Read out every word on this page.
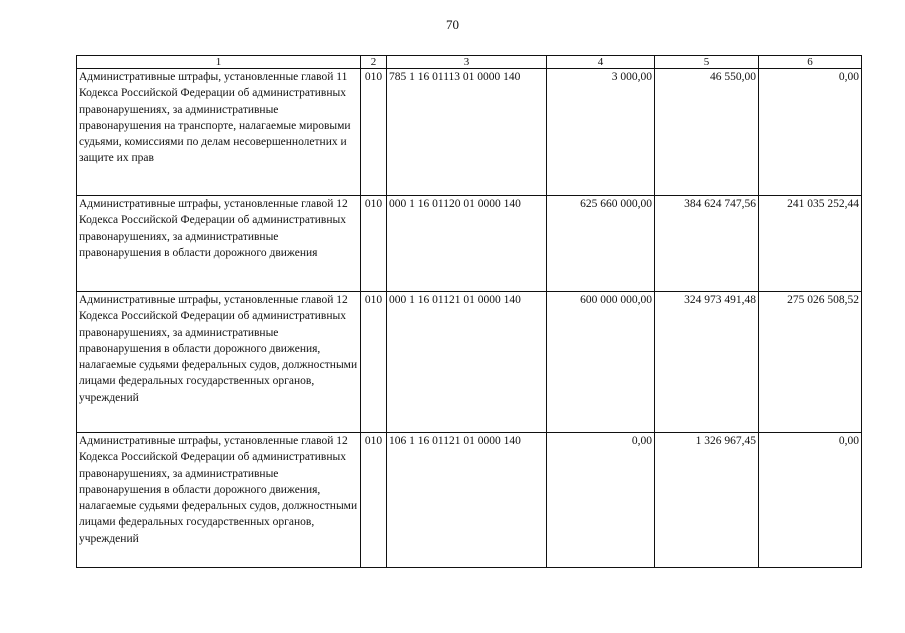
70
1	2	3	4	5	6
Административные штрафы, установленные главой 11 Кодекса Российской Федерации об административных правонарушениях, за административные правонарушения на транспорте, налагаемые мировыми судьями, комиссиями по делам несовершеннолетних и защите их прав	010	785 1 16 01113 01 0000 140	3 000,00	46 550,00	0,00
Административные штрафы, установленные главой 12 Кодекса Российской Федерации об административных правонарушениях, за административные правонарушения в области дорожного движения	010	000 1 16 01120 01 0000 140	625 660 000,00	384 624 747,56	241 035 252,44
Административные штрафы, установленные главой 12 Кодекса Российской Федерации об административных правонарушениях, за административные правонарушения в области дорожного движения, налагаемые судьями федеральных судов, должностными лицами федеральных государственных органов, учреждений	010	000 1 16 01121 01 0000 140	600 000 000,00	324 973 491,48	275 026 508,52
Административные штрафы, установленные главой 12 Кодекса Российской Федерации об административных правонарушениях, за административные правонарушения в области дорожного движения, налагаемые судьями федеральных судов, должностными лицами федеральных государственных органов, учреждений	010	106 1 16 01121 01 0000 140	0,00	1 326 967,45	0,00
